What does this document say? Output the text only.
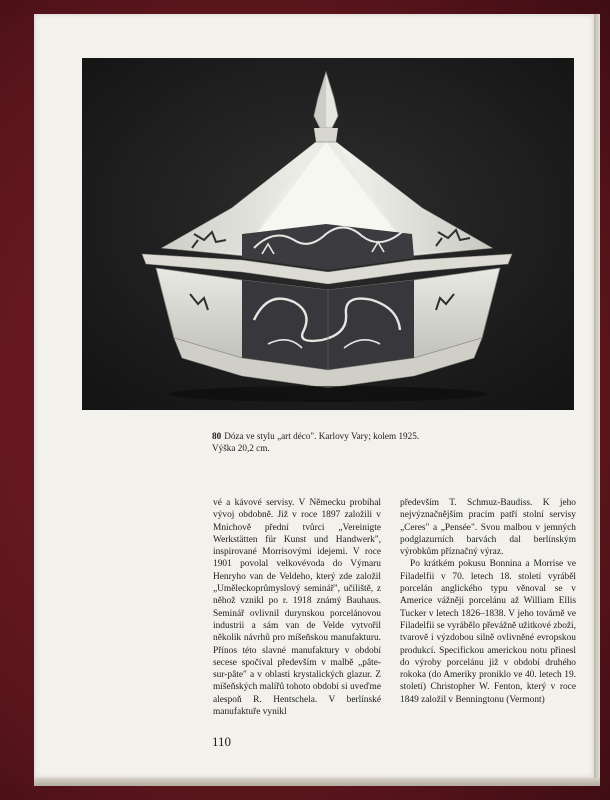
80 Dóza ve stylu „art déco". Karlovy Vary; kolem 1925.
Výška 20,2 cm.

vé a kávové servisy. V Německu probíhal vývoj obdobně. Již v roce 1897 založili v Mnichově přední tvůrci „Vereinigte Werkstätten für Kunst und Handwerk", inspirované Morrisovými idejemi. V roce 1901 povolal velkovévoda do Výmaru Henryho van de Veldeho, který zde založil „Uměleckoprůmyslový seminář", učiliště, z něhož vznikl po r. 1918 známý Bauhaus. Seminář ovlivnil durynskou porcelánovou industrii a sám van de Velde vytvořil několik návrhů pro míšeňskou manufakturu. Přínos této slavné manufaktury v období secese spočíval především v malbě „pâte-sur-pâte" a v oblasti krystalických glazur. Z míšeňských malířů tohoto období si uveďme alespoň R. Hentschela. V berlínské manufaktuře vynikl

především T. Schmuz-Baudiss. K jeho nejvýznačnějším pracím patří stolní servisy „Ceres" a „Pensée". Svou malbou v jemných podglazurních barvách dal berlínským výrobkům příznačný výraz.

Po krátkém pokusu Bonnina a Morrise ve Filadelfii v 70. letech 18. století vyráběl porcelán anglického typu věnoval se v Americe vážněji porcelánu až William Ellis Tucker v letech 1826–1838. V jeho továrně ve Filadelfii se vyrábělo převážně užitkové zboží, tvarově i výzdobou silně ovlivněné evropskou produkcí. Specifickou americkou notu přinesl do výroby porcelánu již v období druhého rokoka (do Ameriky proniklo ve 40. letech 19. století) Christopher W. Fenton, který v roce 1849 založil v Benningtonu (Vermont)

110
